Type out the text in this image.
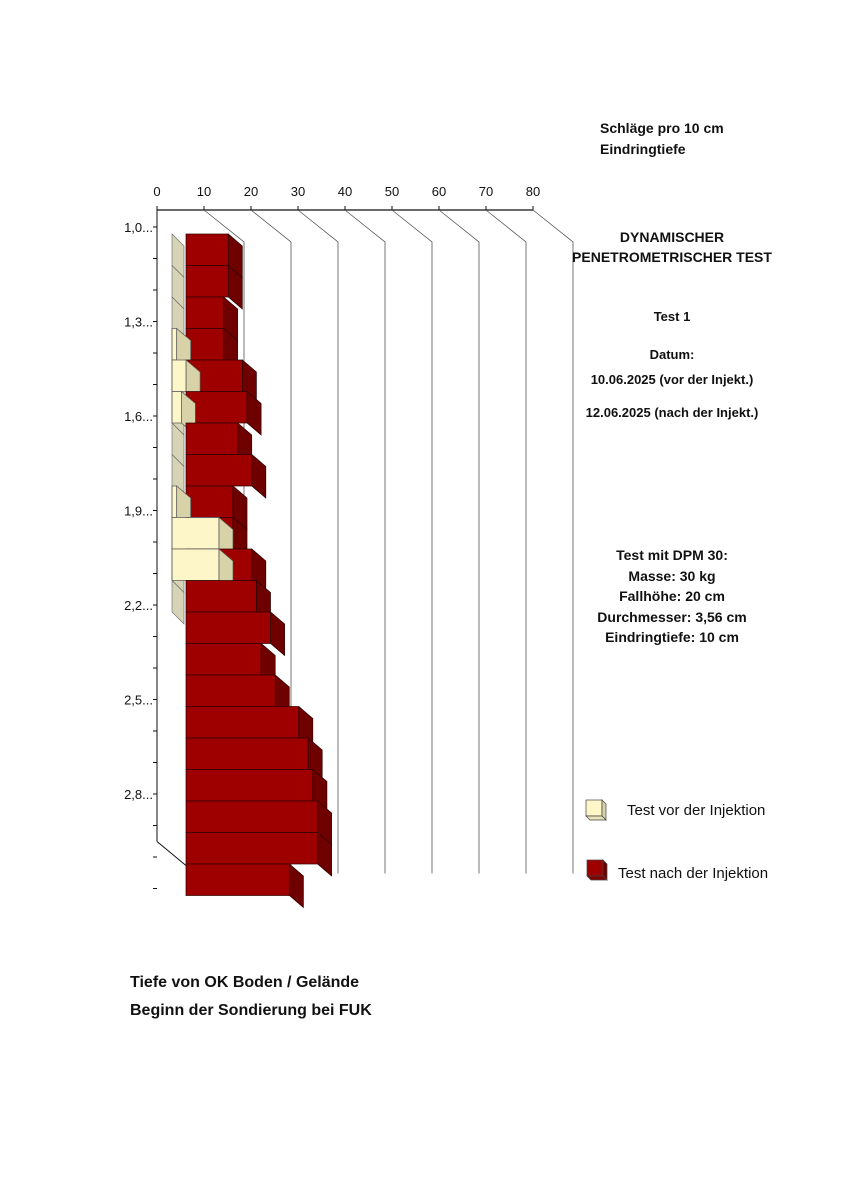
0	10	20	30	40	50	60	70	80
1,0...
1,3...
1,6...
1,9...
2,2...
2,5...
2,8...
Schläge pro 10 cm
Eindringtiefe
DYNAMISCHER
PENETROMETRISCHER TEST
Test 1
Datum:
10.06.2025 (vor der Injekt.)
12.06.2025 (nach der Injekt.)
Test mit DPM 30:
Masse: 30 kg
Fallhöhe: 20 cm
Durchmesser: 3,56 cm
Eindringtiefe: 10 cm
Test vor der Injektion
Test nach der Injektion
Tiefe von OK Boden / Gelände
Beginn der Sondierung bei FUK
